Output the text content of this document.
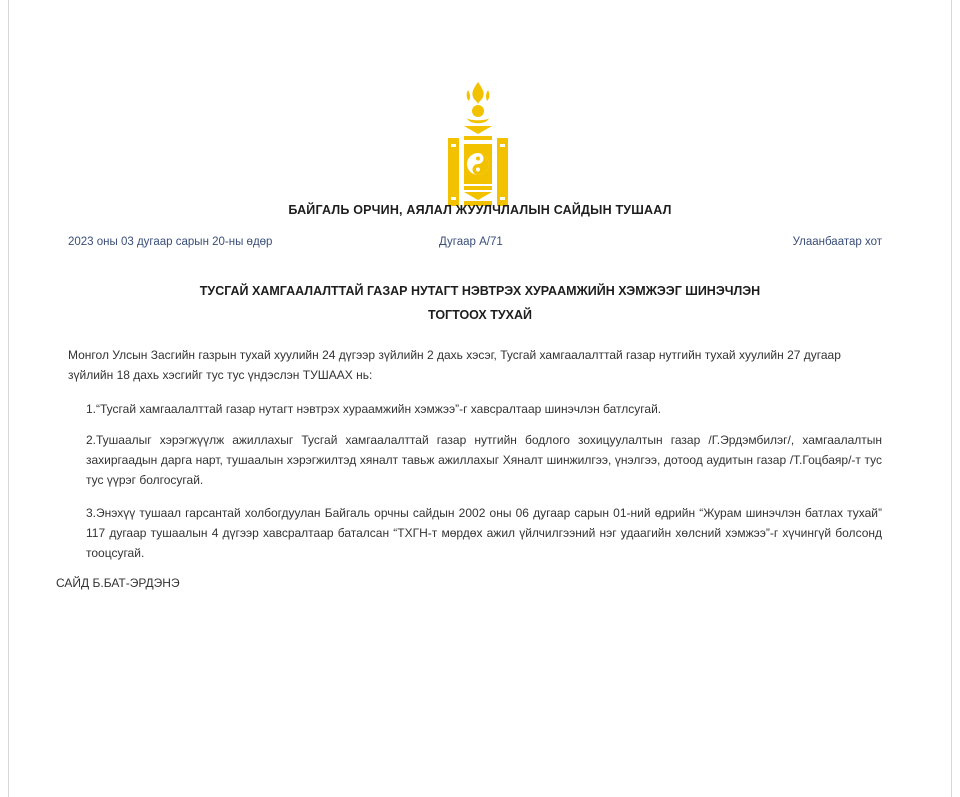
БАЙГАЛЬ ОРЧИН, АЯЛАЛ ЖУУЛЧЛАЛЫН САЙДЫН ТУШААЛ
2023 оны 03 дугаар сарын 20-ны өдөр	Дугаар А/71	Улаанбаатар хот
ТУСГАЙ ХАМГААЛАЛТТАЙ ГАЗАР НУТАГТ НЭВТРЭХ ХУРААМЖИЙН ХЭМЖЭЭГ ШИНЭЧЛЭН
ТОГТООХ ТУХАЙ
Монгол Улсын Засгийн газрын тухай хуулийн 24 дүгээр зүйлийн 2 дахь хэсэг, Тусгай хамгаалалттай газар нутгийн тухай хуулийн 27 дугаар зүйлийн 18 дахь хэсгийг тус тус үндэслэн ТУШААХ нь:
1.“Тусгай хамгаалалттай газар нутагт нэвтрэх хураамжийн хэмжээ”-г хавсралтаар шинэчлэн батлсугай.
2.Тушаалыг хэрэгжүүлж ажиллахыг Тусгай хамгаалалттай газар нутгийн бодлого зохицуулалтын газар /Г.Эрдэмбилэг/, хамгаалалтын захиргаадын дарга нарт, тушаалын хэрэгжилтэд хяналт тавьж ажиллахыг Хяналт шинжилгээ, үнэлгээ, дотоод аудитын газар /Т.Гоцбаяр/-т тус тус үүрэг болгосугай.
3.Энэхүү тушаал гарсантай холбогдуулан Байгаль орчны сайдын 2002 оны 06 дугаар сарын 01-ний өдрийн “Журам шинэчлэн батлах тухай” 117 дугаар тушаалын 4 дүгээр хавсралтаар баталсан “ТХГН-т мөрдөх ажил үйлчилгээний нэг удаагийн хөлсний хэмжээ”-г хүчингүй болсонд тооцсугай.
САЙД Б.БАТ-ЭРДЭНЭ
